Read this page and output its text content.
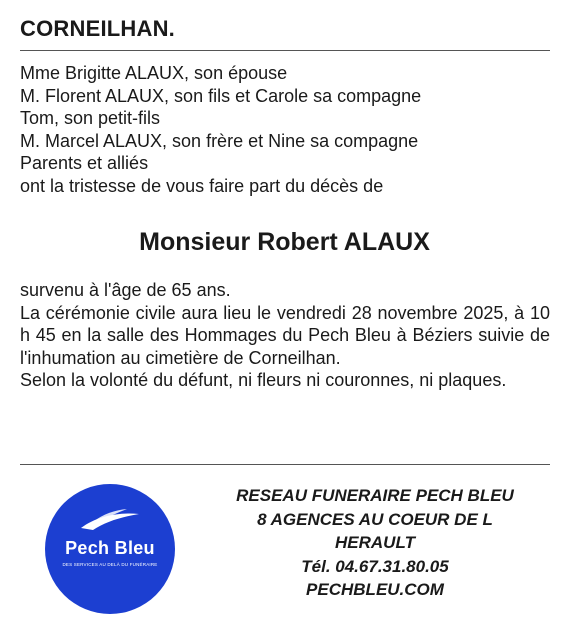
CORNEILHAN.
Mme Brigitte ALAUX, son épouse
M. Florent ALAUX, son fils et Carole sa compagne
Tom, son petit-fils
M. Marcel ALAUX, son frère et Nine sa compagne
Parents et alliés
ont la tristesse de vous faire part du décès de
Monsieur Robert ALAUX

survenu à l'âge de 65 ans.

La cérémonie civile aura lieu le vendredi 28 novembre 2025, à 10 h 45 en la salle des Hommages du Pech Bleu à Béziers suivie de l'inhumation au cimetière de Corneilhan.

Selon la volonté du défunt, ni fleurs ni couronnes, ni plaques.

Pech Bleu
DES SERVICES AU DELÀ DU FUNÉRAIRE
RESEAU FUNERAIRE PECH BLEU
8 AGENCES AU COEUR DE L
HERAULT
Tél. 04.67.31.80.05
PECHBLEU.COM
